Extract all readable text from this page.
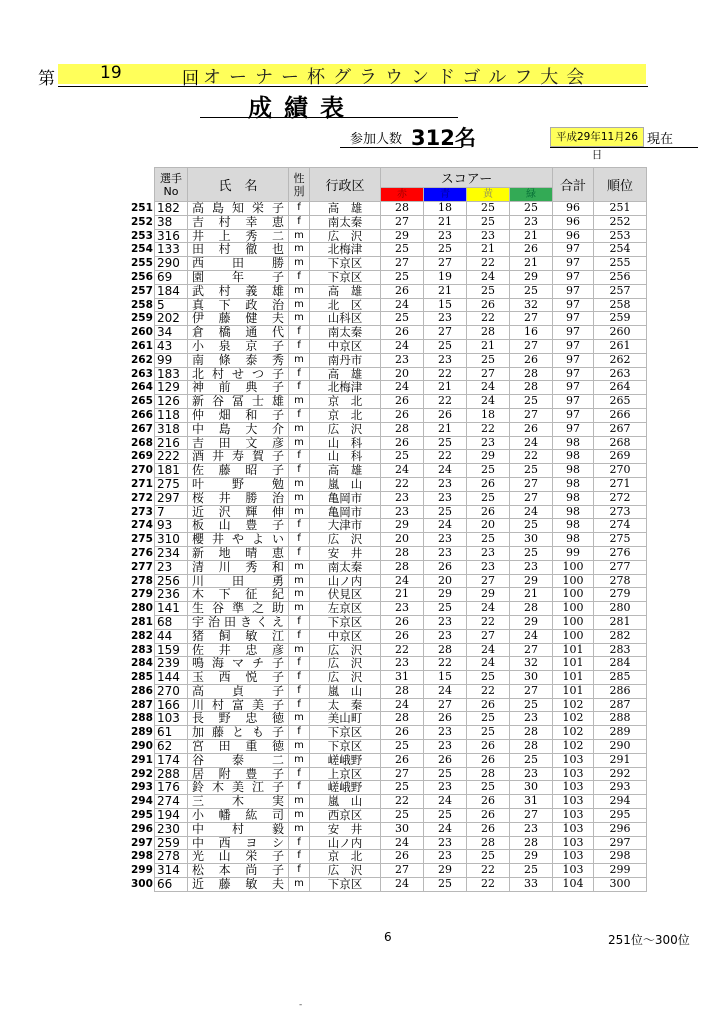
第	19	回 オーナー杯グラウンドゴルフ大会
成績表
参加人数 312名	平成29年11月26日
現在
	選手No	氏　名	性別	行政区	スコアー				合計	順位
					赤	青	黄	緑		
251	182	高島知栄子	f	高　雄	28	18	25	25	96	251
252	38	吉村幸恵	f	南太秦	27	21	25	23	96	252
253	316	井上秀二	m	広　沢	29	23	23	21	96	253
254	133	田村徹也	m	北梅津	25	25	21	26	97	254
255	290	西　田　勝	m	下京区	27	27	22	21	97	255
256	69	園　年　子	f	下京区	25	19	24	29	97	256
257	184	武村義雄	m	高　雄	26	21	25	25	97	257
258	5	真下政治	m	北　区	24	15	26	32	97	258
259	202	伊藤健夫	m	山科区	25	23	22	27	97	259
260	34	倉橋通代	f	南太秦	26	27	28	16	97	260
261	43	小泉京子	f	中京区	24	25	21	27	97	261
262	99	南條泰秀	m	南丹市	23	23	25	26	97	262
263	183	北村せつ子	f	高　雄	20	22	27	28	97	263
264	129	神前典子	f	北梅津	24	21	24	28	97	264
265	126	新谷冨士雄	m	京　北	26	22	24	25	97	265
266	118	仲畑和子	f	京　北	26	26	18	27	97	266
267	318	中島大介	m	広　沢	28	21	22	26	97	267
268	216	吉田文彦	m	山　科	26	25	23	24	98	268
269	222	酒井寿賀子	f	山　科	25	22	29	22	98	269
270	181	佐藤昭子	f	高　雄	24	24	25	25	98	270
271	275	叶　野　勉	m	嵐　山	22	23	26	27	98	271
272	297	桜井勝治	m	亀岡市	23	23	25	27	98	272
273	7	近沢輝伸	m	亀岡市	23	25	26	24	98	273
274	93	板山豊子	f	大津市	29	24	20	25	98	274
275	310	櫻井やよい	f	広　沢	20	23	25	30	98	275
276	234	新地晴恵	f	安　井	28	23	23	25	99	276
277	23	清川秀和	m	南太秦	28	26	23	23	100	277
278	256	川　田　勇	m	山ノ内	24	20	27	29	100	278
279	236	木下征紀	m	伏見区	21	29	29	21	100	279
280	141	生谷準之助	m	左京区	23	25	24	28	100	280
281	68	宇治田きくえ	f	下京区	26	23	22	29	100	281
282	44	猪飼敏江	f	中京区	26	23	27	24	100	282
283	159	佐井忠彦	m	広　沢	22	28	24	27	101	283
284	239	鳴海マチ子	f	広　沢	23	22	24	32	101	284
285	144	玉西悦子	f	広　沢	31	15	25	30	101	285
286	270	高　貞　子	f	嵐　山	28	24	22	27	101	286
287	166	川村富美子	f	太　秦	24	27	26	25	102	287
288	103	長野忠徳	m	美山町	28	26	25	23	102	288
289	61	加藤とも子	f	下京区	26	23	25	28	102	289
290	62	宮田重徳	m	下京区	25	23	26	28	102	290
291	174	谷　泰　二	m	嵯峨野	26	26	26	25	103	291
292	288	居附豊子	f	上京区	27	25	28	23	103	292
293	176	鈴木美江子	f	嵯峨野	25	23	25	30	103	293
294	274	三　木　実	m	嵐　山	22	24	26	31	103	294
295	194	小幡紘司	m	西京区	25	25	26	27	103	295
296	230	中　村　毅	m	安　井	30	24	26	23	103	296
297	259	中西ヨシ	f	山ノ内	24	23	28	28	103	297
298	278	光山栄子	f	京　北	26	23	25	29	103	298
299	314	松本尚子	f	広　沢	27	29	22	25	103	299
300	66	近藤敏夫	m	下京区	24	25	22	33	104	300
6	251位～300位
-
